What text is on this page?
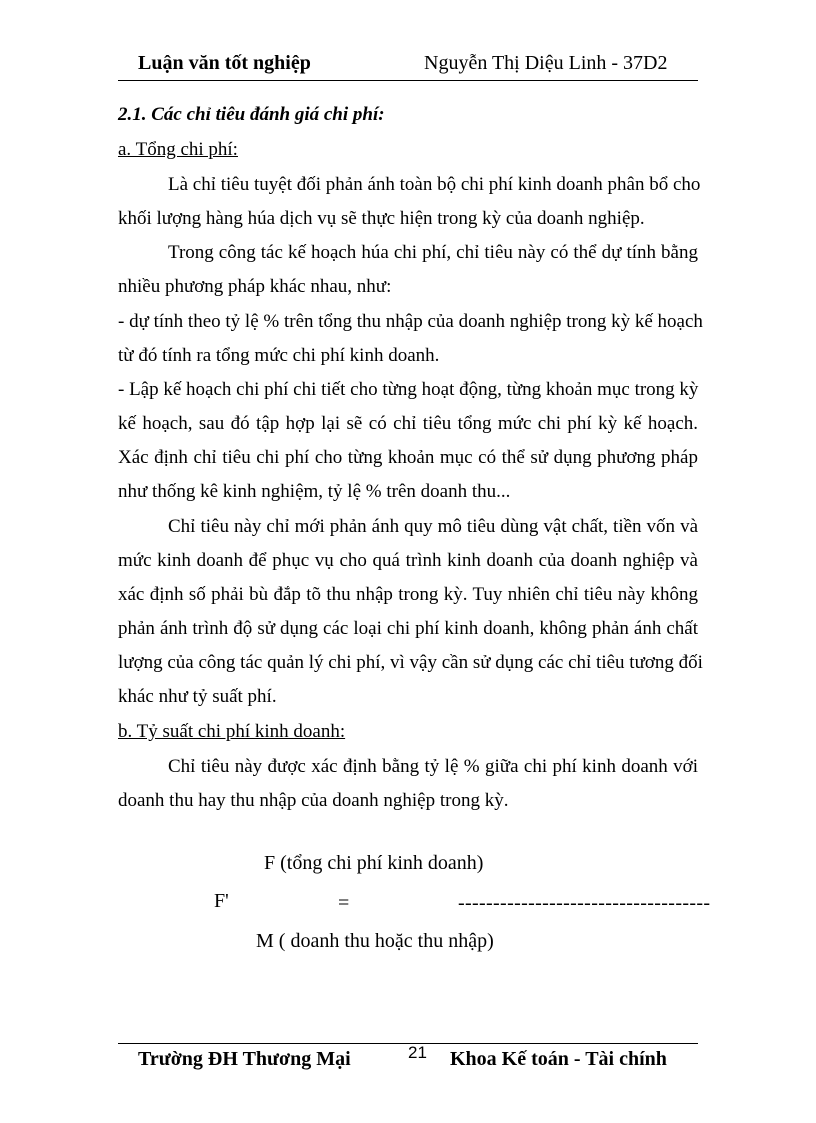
Luận văn tốt nghiệp	Nguyễn Thị Diệu Linh - 37D2
2.1. Các chỉ tiêu đánh giá chi phí:
a. Tổng chi phí:
Là chỉ tiêu tuyệt đối phản ánh toàn bộ chi phí kinh doanh phân bổ cho
khối lượng hàng húa dịch vụ sẽ thực hiện trong kỳ của doanh nghiệp.
Trong công tác kế hoạch húa chi phí, chỉ tiêu này có thể dự tính bằng
nhiều phương pháp khác nhau, như:
- dự tính theo tỷ lệ % trên tổng thu nhập của doanh nghiệp trong kỳ kế hoạch
từ đó tính ra tổng mức chi phí kinh doanh.
- Lập kế hoạch chi phí chi tiết cho từng hoạt động, từng khoản mục trong kỳ
kế hoạch, sau đó tập hợp lại sẽ có chỉ tiêu tổng mức chi phí kỳ kế hoạch.
Xác định chỉ tiêu chi phí cho từng khoản mục có thể sử dụng phương pháp
như thống kê kinh nghiệm, tỷ lệ % trên doanh thu...
Chỉ tiêu này chỉ mới phản ánh quy mô tiêu dùng vật chất, tiền vốn và
mức kinh doanh để phục vụ cho quá trình kinh doanh của doanh nghiệp và
xác định số phải bù đắp tõ thu nhập trong kỳ. Tuy nhiên chỉ tiêu này không
phản ánh trình độ sử dụng các loại chi phí kinh doanh, không phản ánh chất
lượng của công tác quản lý chi phí, vì vậy cần sử dụng các chỉ tiêu tương đối
khác như tỷ suất phí.
b. Tỷ suất chi phí kinh doanh:
Chỉ tiêu này được xác định bằng tỷ lệ % giữa chi phí kinh doanh với
doanh thu hay thu nhập của doanh nghiệp trong kỳ.
F (tổng chi phí kinh doanh)
F'	=	------------------------------------
M ( doanh thu hoặc thu nhập)
Trường ĐH Thương Mại	21 Khoa Kế toán - Tài chính
